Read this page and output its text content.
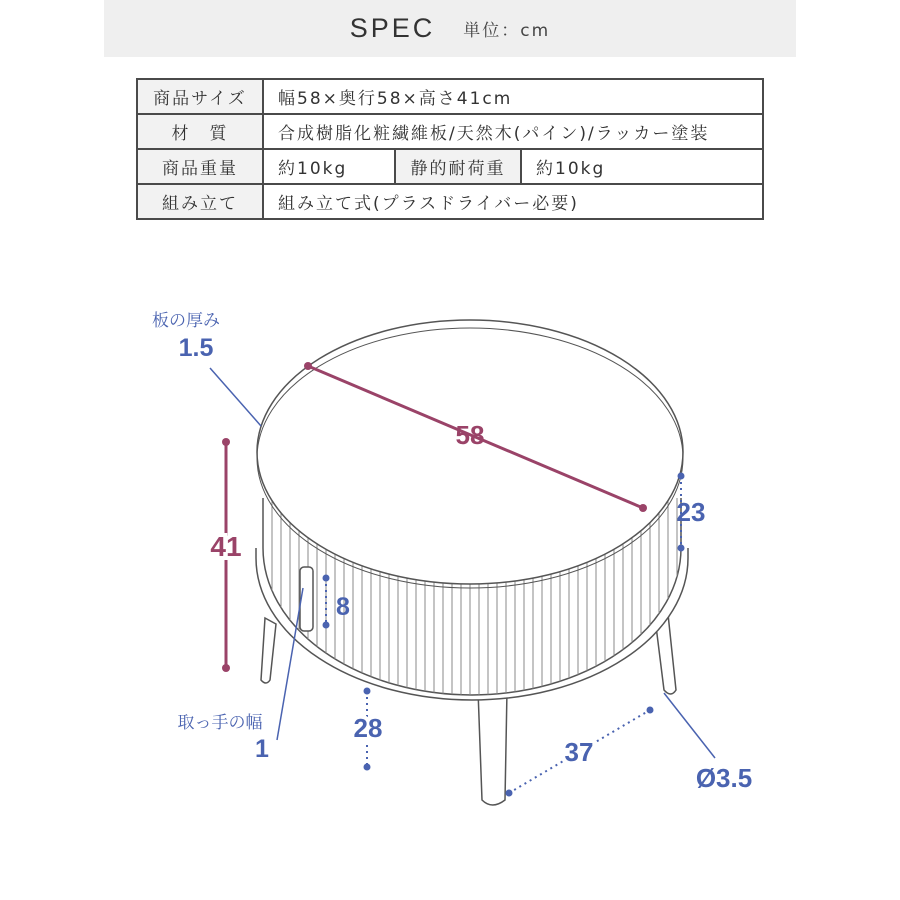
SPEC 単位：cm
商品サイズ	幅58×奥行58×高さ41cm		
材　質	合成樹脂化粧繊維板/天然木(パイン)/ラッカー塗装		
商品重量	約10kg	静的耐荷重	約10kg
組み立て	組み立て式(プラスドライバー必要)		
58
41
板の厚み
1.5
23
8
取っ手の幅
1
28
37
Ø3.5
